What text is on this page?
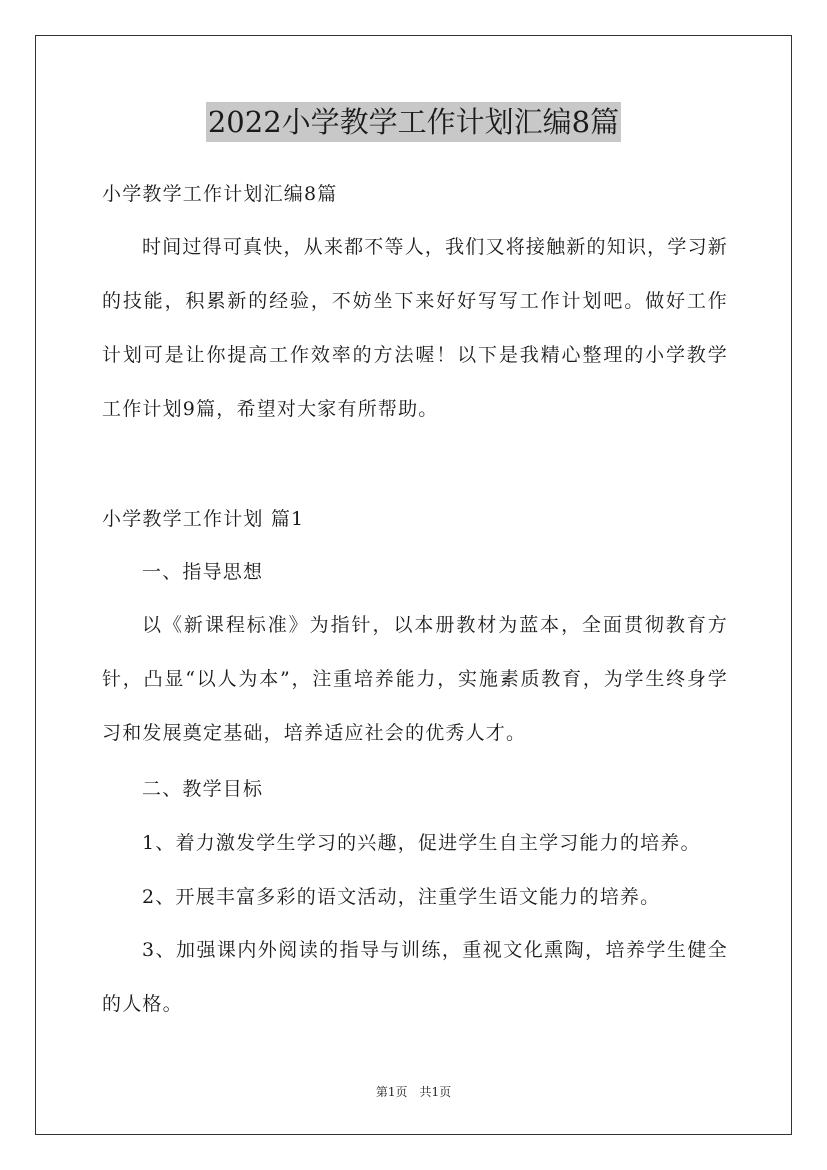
2022小学教学工作计划汇编8篇

小学教学工作计划汇编8篇

时间过得可真快，从来都不等人，我们又将接触新的知识，学习新的技能，积累新的经验，不妨坐下来好好写写工作计划吧。做好工作计划可是让你提高工作效率的方法喔！以下是我精心整理的小学教学工作计划9篇，希望对大家有所帮助。

小学教学工作计划 篇1

一、指导思想

以《新课程标准》为指针，以本册教材为蓝本，全面贯彻教育方针，凸显“以人为本”，注重培养能力，实施素质教育，为学生终身学习和发展奠定基础，培养适应社会的优秀人才。

二、教学目标

1、着力激发学生学习的兴趣，促进学生自主学习能力的培养。

2、开展丰富多彩的语文活动，注重学生语文能力的培养。

3、加强课内外阅读的指导与训练，重视文化熏陶，培养学生健全的人格。

第1页　共1页
